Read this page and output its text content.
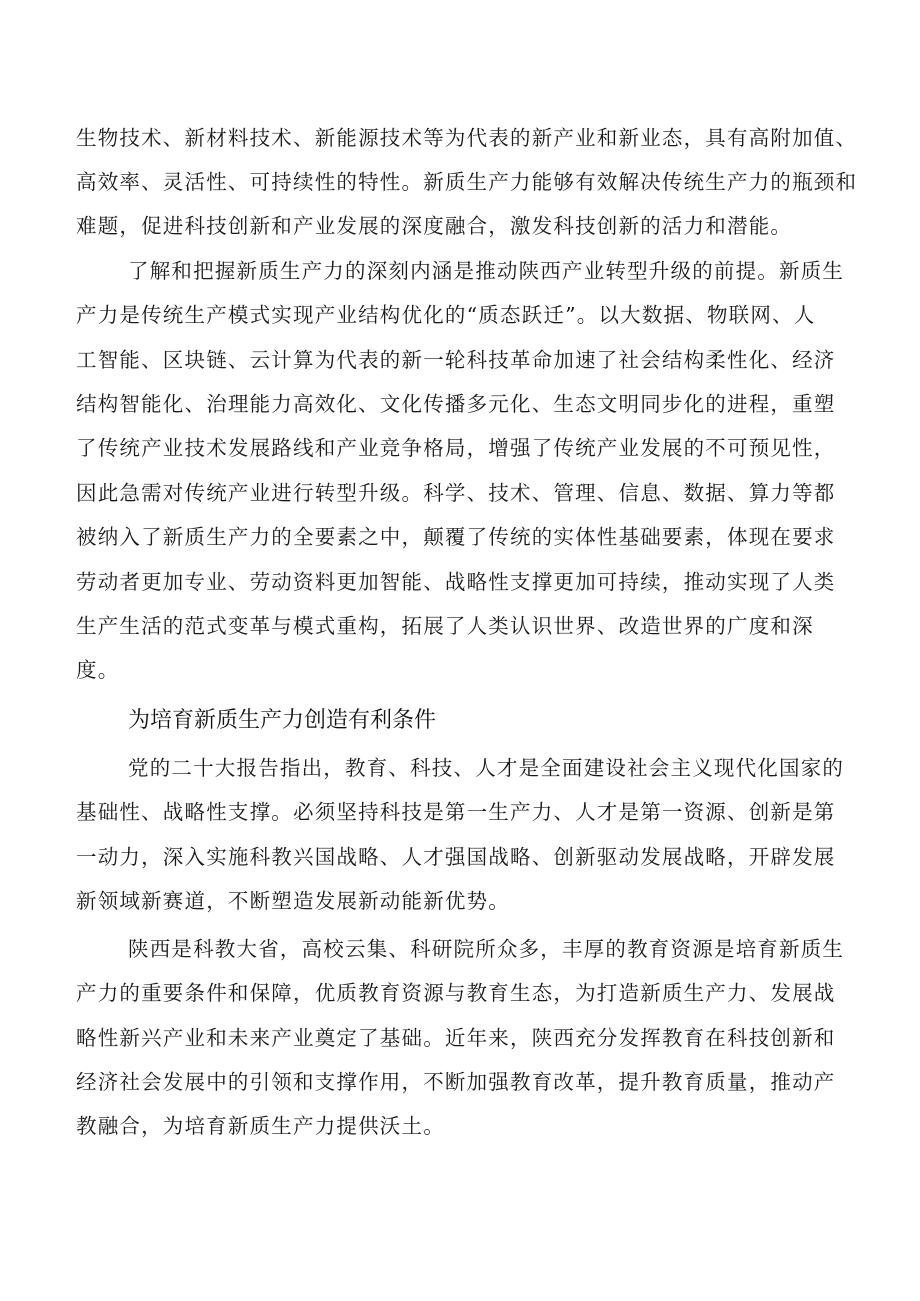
生物技术、新材料技术、新能源技术等为代表的新产业和新业态，具有高附加值、
高效率、灵活性、可持续性的特性。新质生产力能够有效解决传统生产力的瓶颈和
难题，促进科技创新和产业发展的深度融合，激发科技创新的活力和潜能。
了解和把握新质生产力的深刻内涵是推动陕西产业转型升级的前提。新质生
产力是传统生产模式实现产业结构优化的“质态跃迁”。以大数据、物联网、人
工智能、区块链、云计算为代表的新一轮科技革命加速了社会结构柔性化、经济
结构智能化、治理能力高效化、文化传播多元化、生态文明同步化的进程，重塑
了传统产业技术发展路线和产业竞争格局，增强了传统产业发展的不可预见性，
因此急需对传统产业进行转型升级。科学、技术、管理、信息、数据、算力等都
被纳入了新质生产力的全要素之中，颠覆了传统的实体性基础要素，体现在要求
劳动者更加专业、劳动资料更加智能、战略性支撑更加可持续，推动实现了人类
生产生活的范式变革与模式重构，拓展了人类认识世界、改造世界的广度和深
度。
为培育新质生产力创造有利条件
党的二十大报告指出，教育、科技、人才是全面建设社会主义现代化国家的
基础性、战略性支撑。必须坚持科技是第一生产力、人才是第一资源、创新是第
一动力，深入实施科教兴国战略、人才强国战略、创新驱动发展战略，开辟发展
新领域新赛道，不断塑造发展新动能新优势。
陕西是科教大省，高校云集、科研院所众多，丰厚的教育资源是培育新质生
产力的重要条件和保障，优质教育资源与教育生态，为打造新质生产力、发展战
略性新兴产业和未来产业奠定了基础。近年来，陕西充分发挥教育在科技创新和
经济社会发展中的引领和支撑作用，不断加强教育改革，提升教育质量，推动产
教融合，为培育新质生产力提供沃土。
